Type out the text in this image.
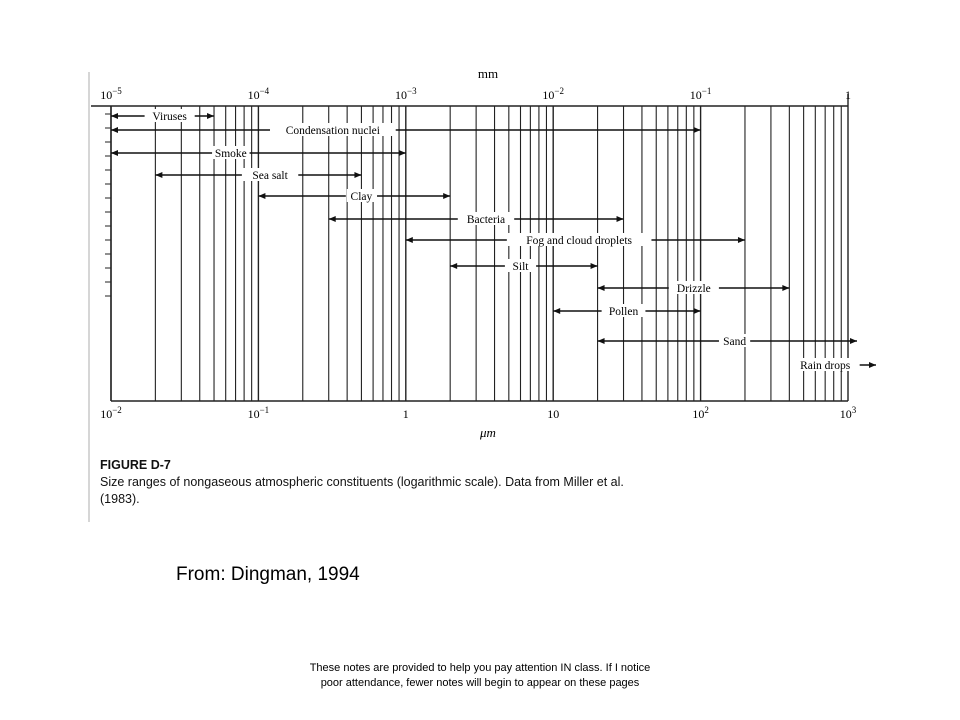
$10^{-5}$	$10^{-4}$	$10^{-3}$	$10^{-2}$	$10^{-1}$	1
$10^{-2}$	$10^{-1}$	1	10	$10^2$	$10^3$
Viruses
Condensation nuclei
Smoke
Sea salt
Clay
Bacteria
Fog and cloud droplets
Silt
Drizzle
Pollen
Sand
Rain drops
mm
μm
FIGURE D-7
Size ranges of nongaseous atmospheric constituents (logarithmic scale). Data from Miller et al. (1983).
From: Dingman, 1994
These notes are provided to help you pay attention IN class. If I notice
poor attendance, fewer notes will begin to appear on these pages
